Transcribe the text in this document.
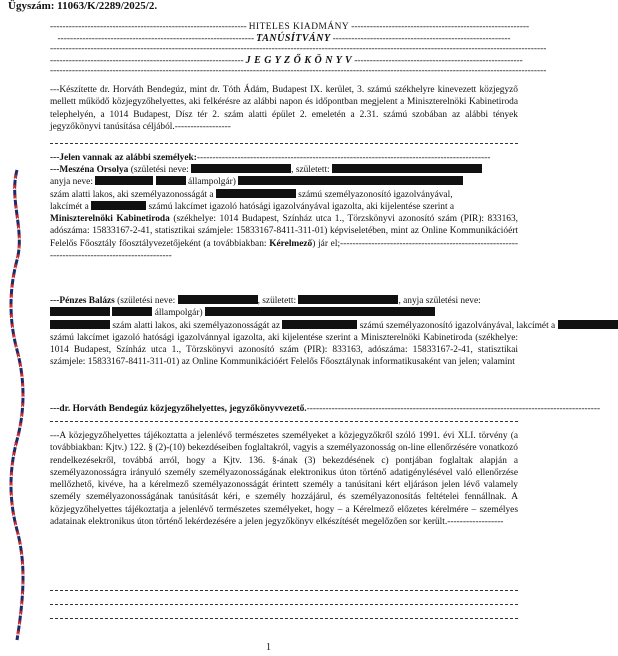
Ügyszám: 11063/K/2289/2025/2.
--------------------------------------------------------------- HITELES KIADMÁNY ---------------------------------------------------------
--------------------------------------------------------------- TANÚSÍTVÁNY ---------------------------------------------------------
---------------------------------------------------------------------------------------------------------------------------------------------------------------
-------------------------------------------------------------- J E G Y Z Ő K Ö N Y V ------------------------------------------------------
---------------------------------------------------------------------------------------------------------------------------------------------------------------

---Készítette dr. Horváth Bendegúz, mint dr. Tóth Ádám, Budapest IX. kerület, 3. számú székhelyre kinevezett közjegyző mellett működő közjegyzőhelyettes, aki felkérésre az alábbi napon és időpontban megjelent a Miniszterelnöki Kabinetiroda telephelyén, a 1014 Budapest, Dísz tér 2. szám alatti épület 2. emeletén a 2.31. számú szobában az alábbi tények jegyzőkönyvi tanúsítása céljából.------------------

---Jelen vannak az alábbi személyek:----------------------------------------------------------------------------------------------
---Meszéna Orsolya (születési neve:	, született:
anyja neve:	állampolgár)
szám alatti lakos, aki személyazonosságát a	számú személyazonosító igazolványával,
lakcímét a	számú lakcímet igazoló hatósági igazolványával igazolta, aki kijelentése szerint a
Miniszterelnöki Kabinetiroda (székhelye: 1014 Budapest, Színház utca 1., Törzskönyvi azonosító szám (PIR): 833163, adószáma: 15833167-2-41, statisztikai számjele: 15833167-8411-311-01) képviseletében, mint az Online Kommunikációért Felelős Főosztály főosztályvezetőjeként (a továbbiakban: Kérelmező) jár el;------------------------------------------------------------------------------------------------
---Pénzes Balázs (születési neve:	, született:	, anyja születési neve:
állampolgár)
szám alatti lakos, aki személyazonosságát az	számú személyazonosító igazolványával, lakcímét a
számú lakcímet igazoló hatósági igazolvánnyal igazolta, aki kijelentése szerint a Miniszterelnöki Kabinetiroda (székhelye: 1014 Budapest, Színház utca 1., Törzskönyvi azonosító szám (PIR): 833163, adószáma: 15833167-2-41, statisztikai számjele: 15833167-8411-311-01) az Online Kommunikációért Felelős Főosztálynak informatikusaként van jelen; valamint
---dr. Horváth Bendegúz közjegyzőhelyettes, jegyzőkönyvvezető.----------------------------------------------------------------------------------------------

---A közjegyzőhelyettes tájékoztatta a jelenlévő természetes személyeket a közjegyzőkről szóló 1991. évi XLI. törvény (a továbbiakban: Kjtv.) 122. § (2)-(10) bekezdéseiben foglaltakról, vagyis a személyazonosság on-line ellenőrzésére vonatkozó rendelkezésekről, továbbá arról, hogy a Kjtv. 136. §-ának (3) bekezdésének c) pontjában foglaltak alapján a személyazonosságra irányuló személy személyazonosságának elektronikus úton történő adatigénylésével való ellenőrzése mellőzhető, kivéve, ha a kérelmező személyazonosságát érintett személy a tanúsítani kért eljáráson jelen lévő valamely személy személyazonosságának tanúsítását kéri, e személy hozzájárul, és személyazonosítás feltételei fennállnak. A közjegyzőhelyettes tájékoztatja a jelenlévő természetes személyeket, hogy – a Kérelmező előzetes kérelmére – személyes adatainak elektronikus úton történő lekérdezésére a jelen jegyzőkönyv elkészítését megelőzően sor került.------------------

1
